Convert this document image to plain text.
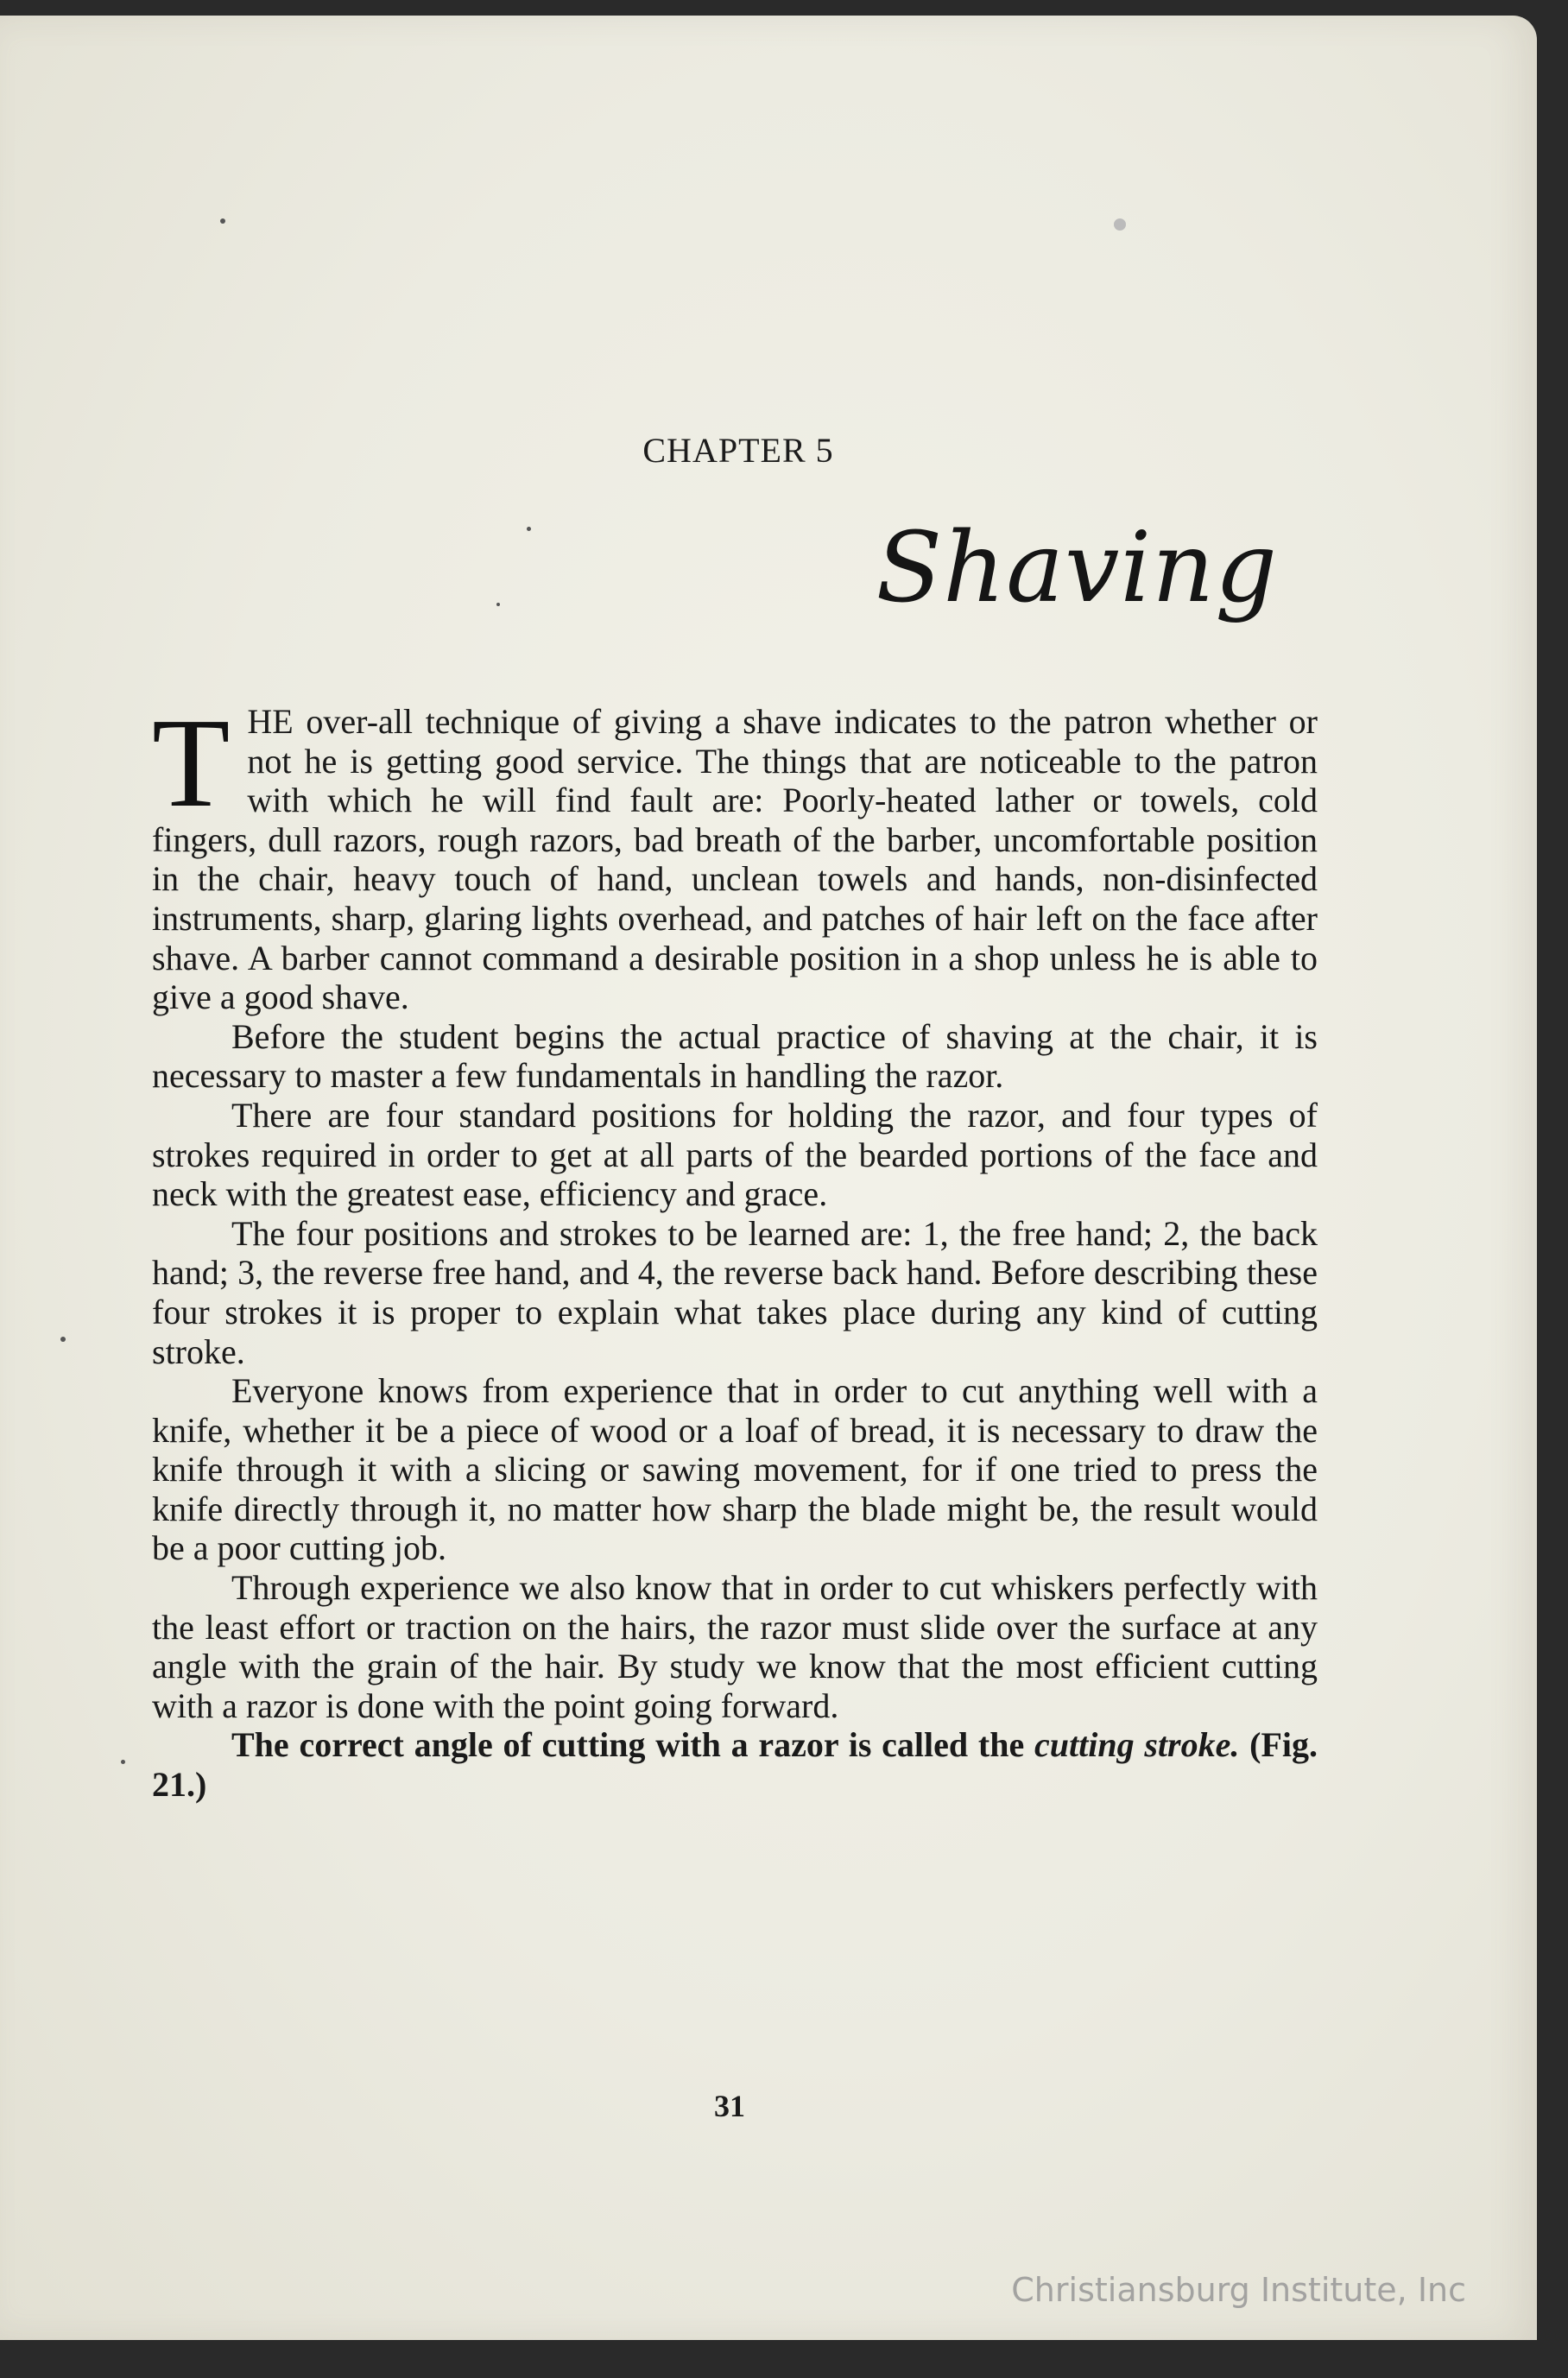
CHAPTER 5
Shaving

T HE over-all technique of giving a shave indicates to the patron whether or not he is getting good service. The things that are noticeable to the patron with which he will find fault are: Poorly-heated lather or towels, cold fingers, dull razors, rough razors, bad breath of the barber, uncomfortable position in the chair, heavy touch of hand, unclean towels and hands, non-disinfected instruments, sharp, glaring lights overhead, and patches of hair left on the face after shave. A barber cannot command a desirable position in a shop unless he is able to give a good shave.

Before the student begins the actual practice of shaving at the chair, it is necessary to master a few fundamentals in handling the razor.

There are four standard positions for holding the razor, and four types of strokes required in order to get at all parts of the bearded portions of the face and neck with the greatest ease, efficiency and grace.

The four positions and strokes to be learned are: 1, the free hand; 2, the back hand; 3, the reverse free hand, and 4, the reverse back hand. Before describing these four strokes it is proper to explain what takes place during any kind of cutting stroke.

Everyone knows from experience that in order to cut anything well with a knife, whether it be a piece of wood or a loaf of bread, it is necessary to draw the knife through it with a slicing or sawing movement, for if one tried to press the knife directly through it, no matter how sharp the blade might be, the result would be a poor cutting job.

Through experience we also know that in order to cut whiskers perfectly with the least effort or traction on the hairs, the razor must slide over the surface at any angle with the grain of the hair. By study we know that the most efficient cutting with a razor is done with the point going forward.

The correct angle of cutting with a razor is called the cutting stroke. (Fig. 21.)

31
Christiansburg Institute, Inc
